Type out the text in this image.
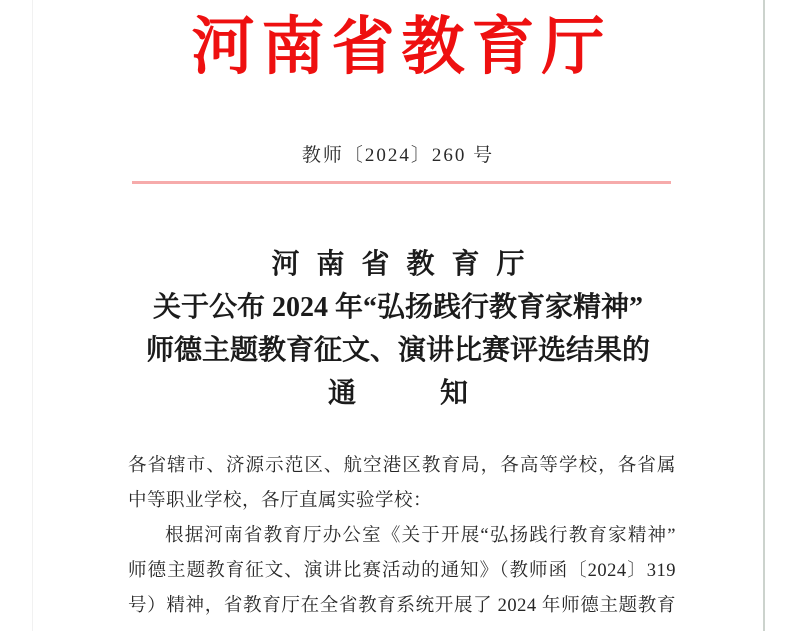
河南省教育厅
教师〔2024〕260 号
河南省教育厅
关于公布 2024 年“弘扬践行教育家精神”
师德主题教育征文、演讲比赛评选结果的
通　　　知
各省辖市、济源示范区、航空港区教育局，各高等学校，各省属
中等职业学校，各厅直属实验学校：
根据河南省教育厅办公室《关于开展“弘扬践行教育家精神”
师德主题教育征文、演讲比赛活动的通知》（教师函〔2024〕319
号）精神，省教育厅在全省教育系统开展了 2024 年师德主题教育
